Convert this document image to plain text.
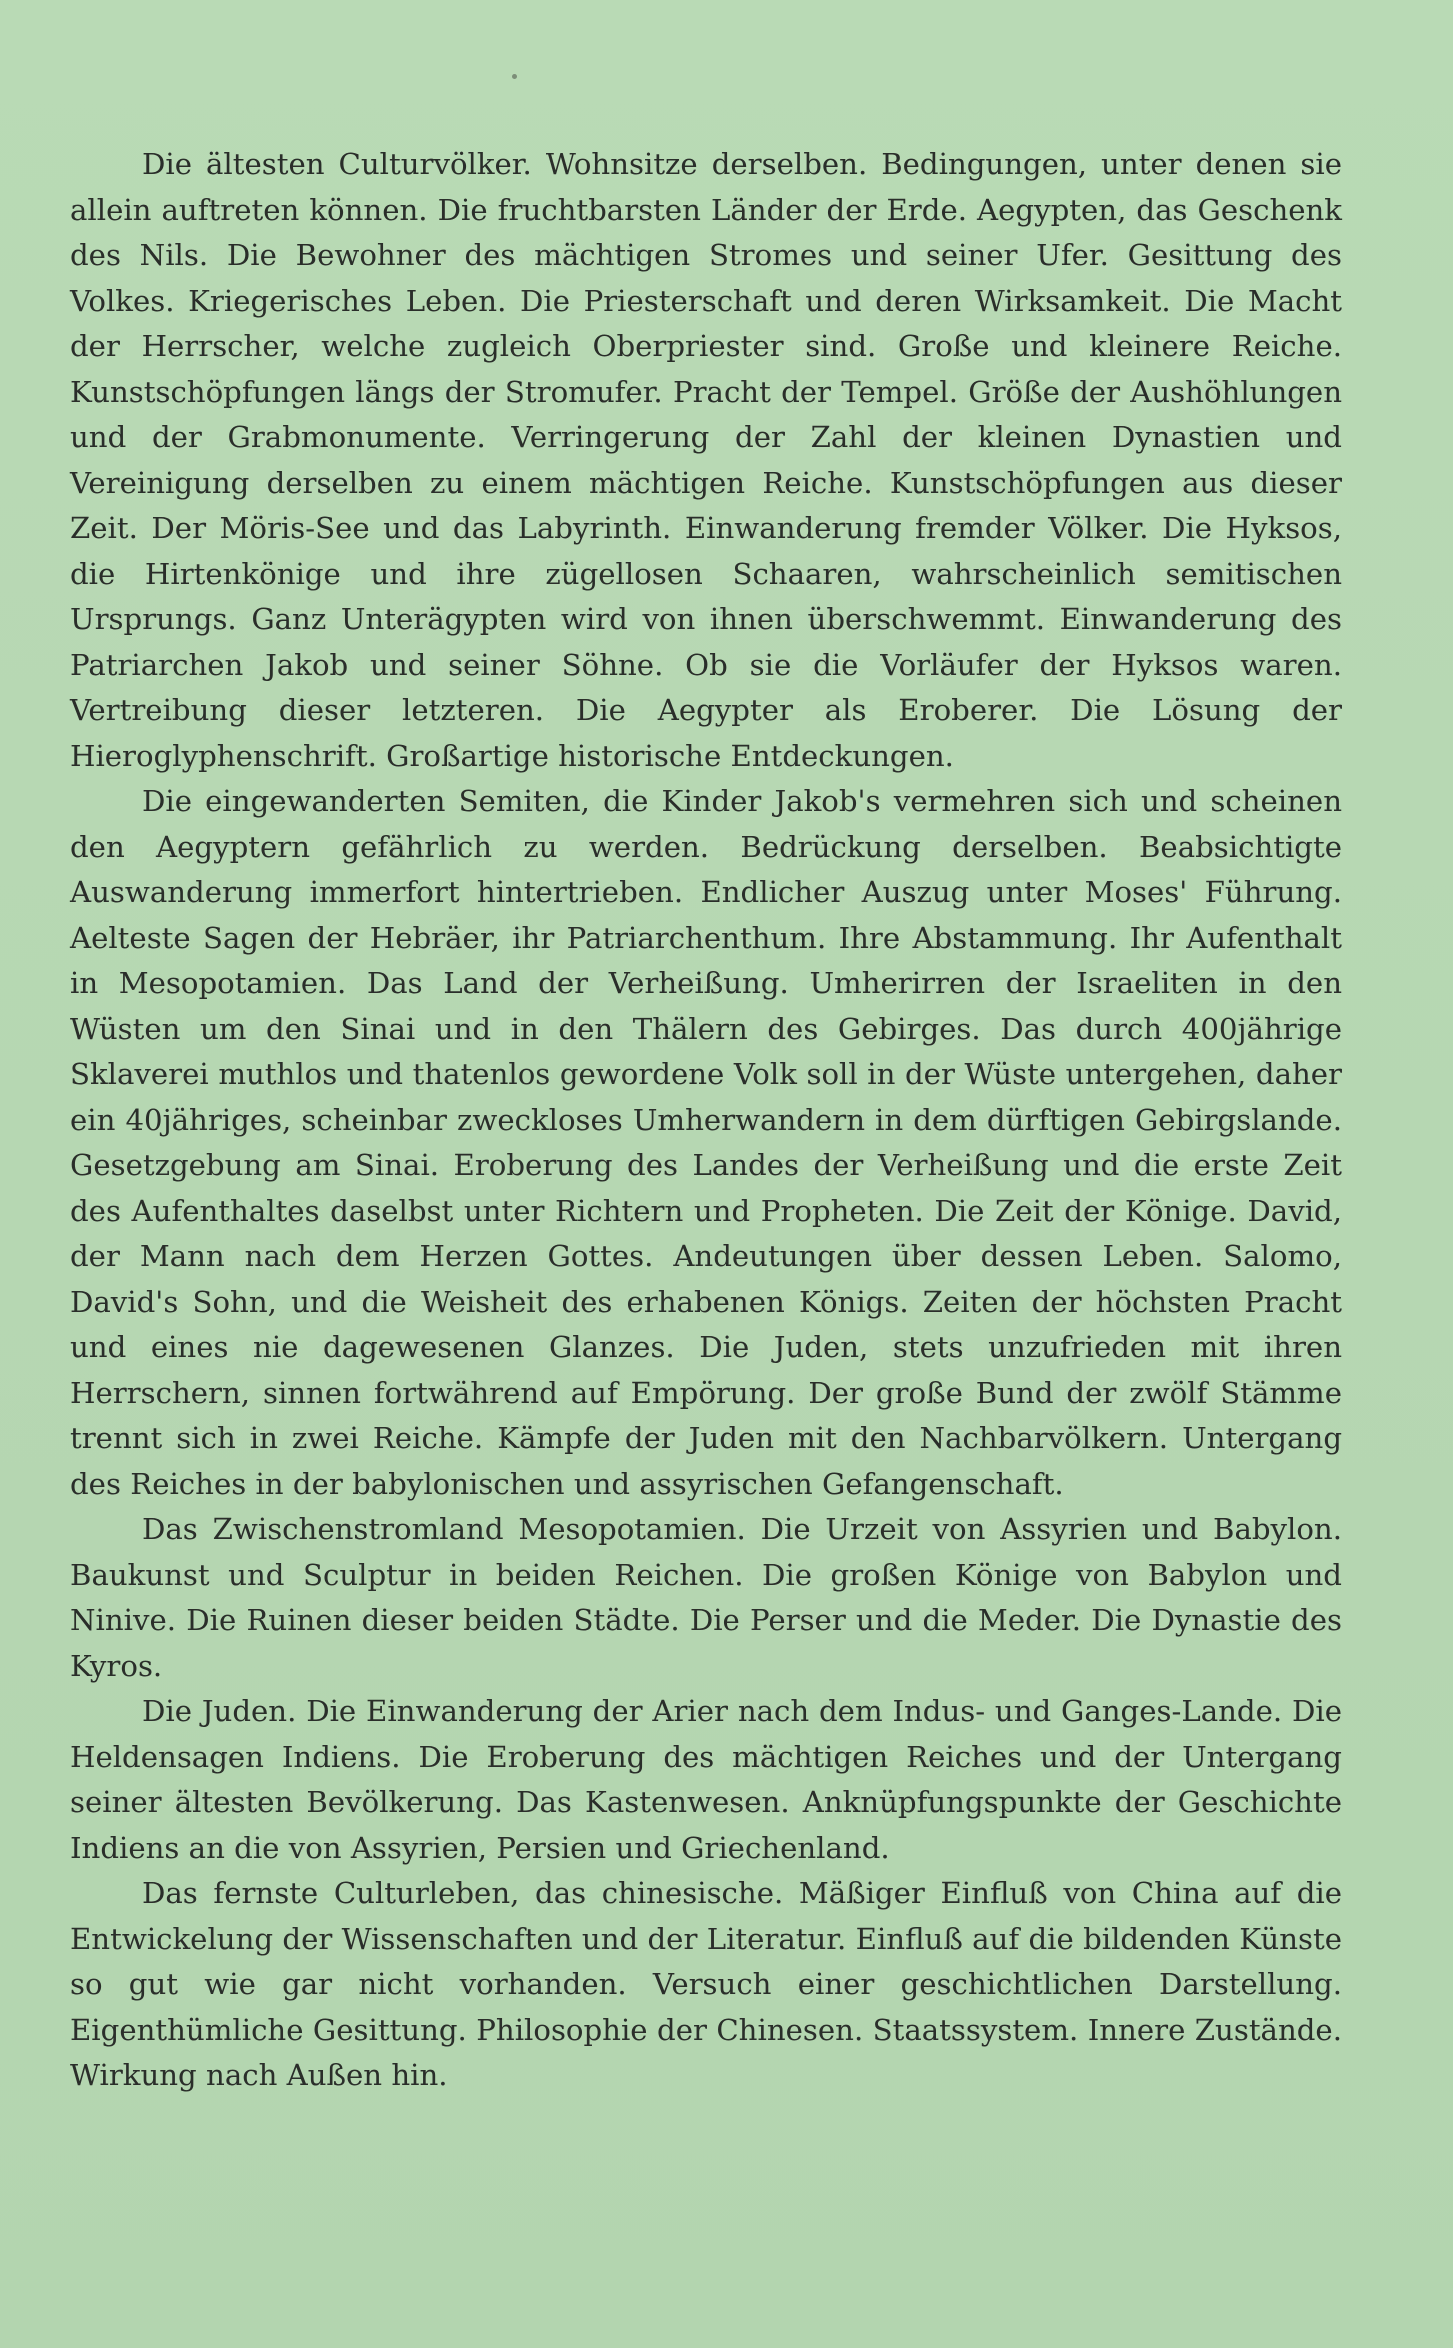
Die ältesten Culturvölker. Wohnsitze derselben. Bedingungen, unter denen sie allein auftreten können. Die fruchtbarsten Länder der Erde. Aegypten, das Geschenk des Nils. Die Bewohner des mächtigen Stromes und seiner Ufer. Gesittung des Volkes. Kriegerisches Leben. Die Priesterschaft und deren Wirksamkeit. Die Macht der Herrscher, welche zugleich Oberpriester sind. Große und kleinere Reiche. Kunstschöpfungen längs der Stromufer. Pracht der Tempel. Größe der Aushöhlungen und der Grabmonumente. Verringerung der Zahl der kleinen Dynastien und Vereinigung derselben zu einem mächtigen Reiche. Kunstschöpfungen aus dieser Zeit. Der Möris-See und das Labyrinth. Einwanderung fremder Völker. Die Hyksos, die Hirtenkönige und ihre zügellosen Schaaren, wahrscheinlich semitischen Ursprungs. Ganz Unterägypten wird von ihnen überschwemmt. Einwanderung des Patriarchen Jakob und seiner Söhne. Ob sie die Vorläufer der Hyksos waren. Vertreibung dieser letzteren. Die Aegypter als Eroberer. Die Lösung der Hieroglyphenschrift. Großartige historische Entdeckungen.

Die eingewanderten Semiten, die Kinder Jakob's vermehren sich und scheinen den Aegyptern gefährlich zu werden. Bedrückung derselben. Beabsichtigte Auswanderung immerfort hintertrieben. Endlicher Auszug unter Moses' Führung. Aelteste Sagen der Hebräer, ihr Patriarchenthum. Ihre Abstammung. Ihr Aufenthalt in Mesopotamien. Das Land der Verheißung. Umherirren der Israeliten in den Wüsten um den Sinai und in den Thälern des Gebirges. Das durch 400jährige Sklaverei muthlos und thatenlos gewordene Volk soll in der Wüste untergehen, daher ein 40jähriges, scheinbar zweckloses Umherwandern in dem dürftigen Gebirgslande. Gesetzgebung am Sinai. Eroberung des Landes der Verheißung und die erste Zeit des Aufenthaltes daselbst unter Richtern und Propheten. Die Zeit der Könige. David, der Mann nach dem Herzen Gottes. Andeutungen über dessen Leben. Salomo, David's Sohn, und die Weisheit des erhabenen Königs. Zeiten der höchsten Pracht und eines nie dagewesenen Glanzes. Die Juden, stets unzufrieden mit ihren Herrschern, sinnen fortwährend auf Empörung. Der große Bund der zwölf Stämme trennt sich in zwei Reiche. Kämpfe der Juden mit den Nachbarvölkern. Untergang des Reiches in der babylonischen und assyrischen Gefangenschaft.

Das Zwischenstromland Mesopotamien. Die Urzeit von Assyrien und Babylon. Baukunst und Sculptur in beiden Reichen. Die großen Könige von Babylon und Ninive. Die Ruinen dieser beiden Städte. Die Perser und die Meder. Die Dynastie des Kyros.

Die Juden. Die Einwanderung der Arier nach dem Indus- und Ganges-Lande. Die Heldensagen Indiens. Die Eroberung des mächtigen Reiches und der Untergang seiner ältesten Bevölkerung. Das Kastenwesen. Anknüpfungspunkte der Geschichte Indiens an die von Assyrien, Persien und Griechenland.

Das fernste Culturleben, das chinesische. Mäßiger Einfluß von China auf die Entwickelung der Wissenschaften und der Literatur. Einfluß auf die bildenden Künste so gut wie gar nicht vorhanden. Versuch einer geschichtlichen Darstellung. Eigenthümliche Gesittung. Philosophie der Chinesen. Staatssystem. Innere Zustände. Wirkung nach Außen hin.
